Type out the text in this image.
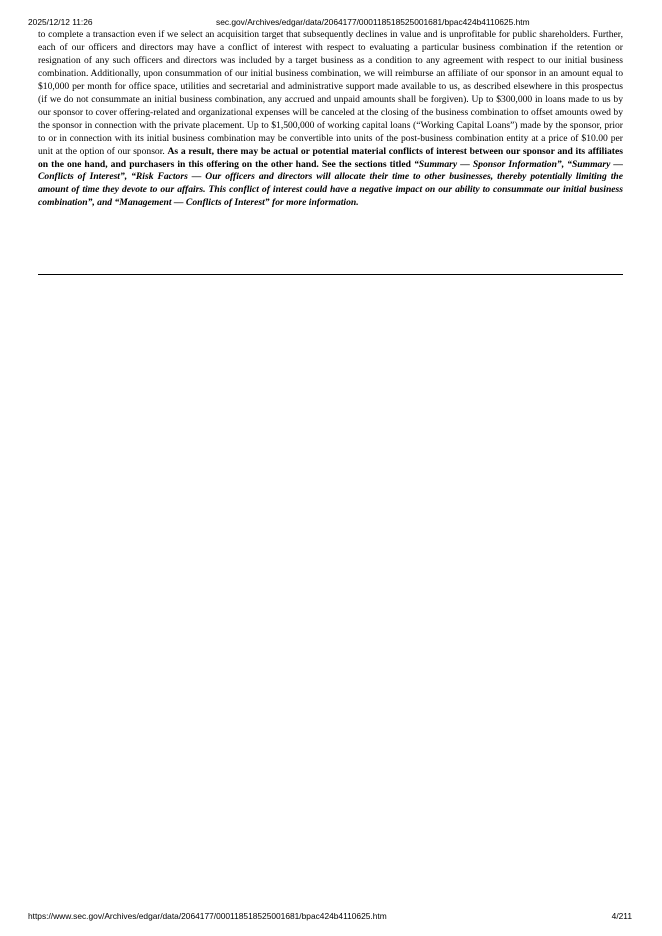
2025/12/12 11:26	sec.gov/Archives/edgar/data/2064177/000118518525001681/bpac424b4110625.htm

to complete a transaction even if we select an acquisition target that subsequently declines in value and is unprofitable for public shareholders. Further, each of our officers and directors may have a conflict of interest with respect to evaluating a particular business combination if the retention or resignation of any such officers and directors was included by a target business as a condition to any agreement with respect to our initial business combination. Additionally, upon consummation of our initial business combination, we will reimburse an affiliate of our sponsor in an amount equal to $10,000 per month for office space, utilities and secretarial and administrative support made available to us, as described elsewhere in this prospectus (if we do not consummate an initial business combination, any accrued and unpaid amounts shall be forgiven). Up to $300,000 in loans made to us by our sponsor to cover offering-related and organizational expenses will be canceled at the closing of the business combination to offset amounts owed by the sponsor in connection with the private placement. Up to $1,500,000 of working capital loans (“Working Capital Loans”) made by the sponsor, prior to or in connection with its initial business combination may be convertible into units of the post-business combination entity at a price of $10.00 per unit at the option of our sponsor. As a result, there may be actual or potential material conflicts of interest between our sponsor and its affiliates on the one hand, and purchasers in this offering on the other hand. See the sections titled “Summary — Sponsor Information”, “Summary — Conflicts of Interest”, “Risk Factors — Our officers and directors will allocate their time to other businesses, thereby potentially limiting the amount of time they devote to our affairs. This conflict of interest could have a negative impact on our ability to consummate our initial business combination”, and “Management — Conflicts of Interest” for more information.

https://www.sec.gov/Archives/edgar/data/2064177/000118518525001681/bpac424b4110625.htm	4/211
